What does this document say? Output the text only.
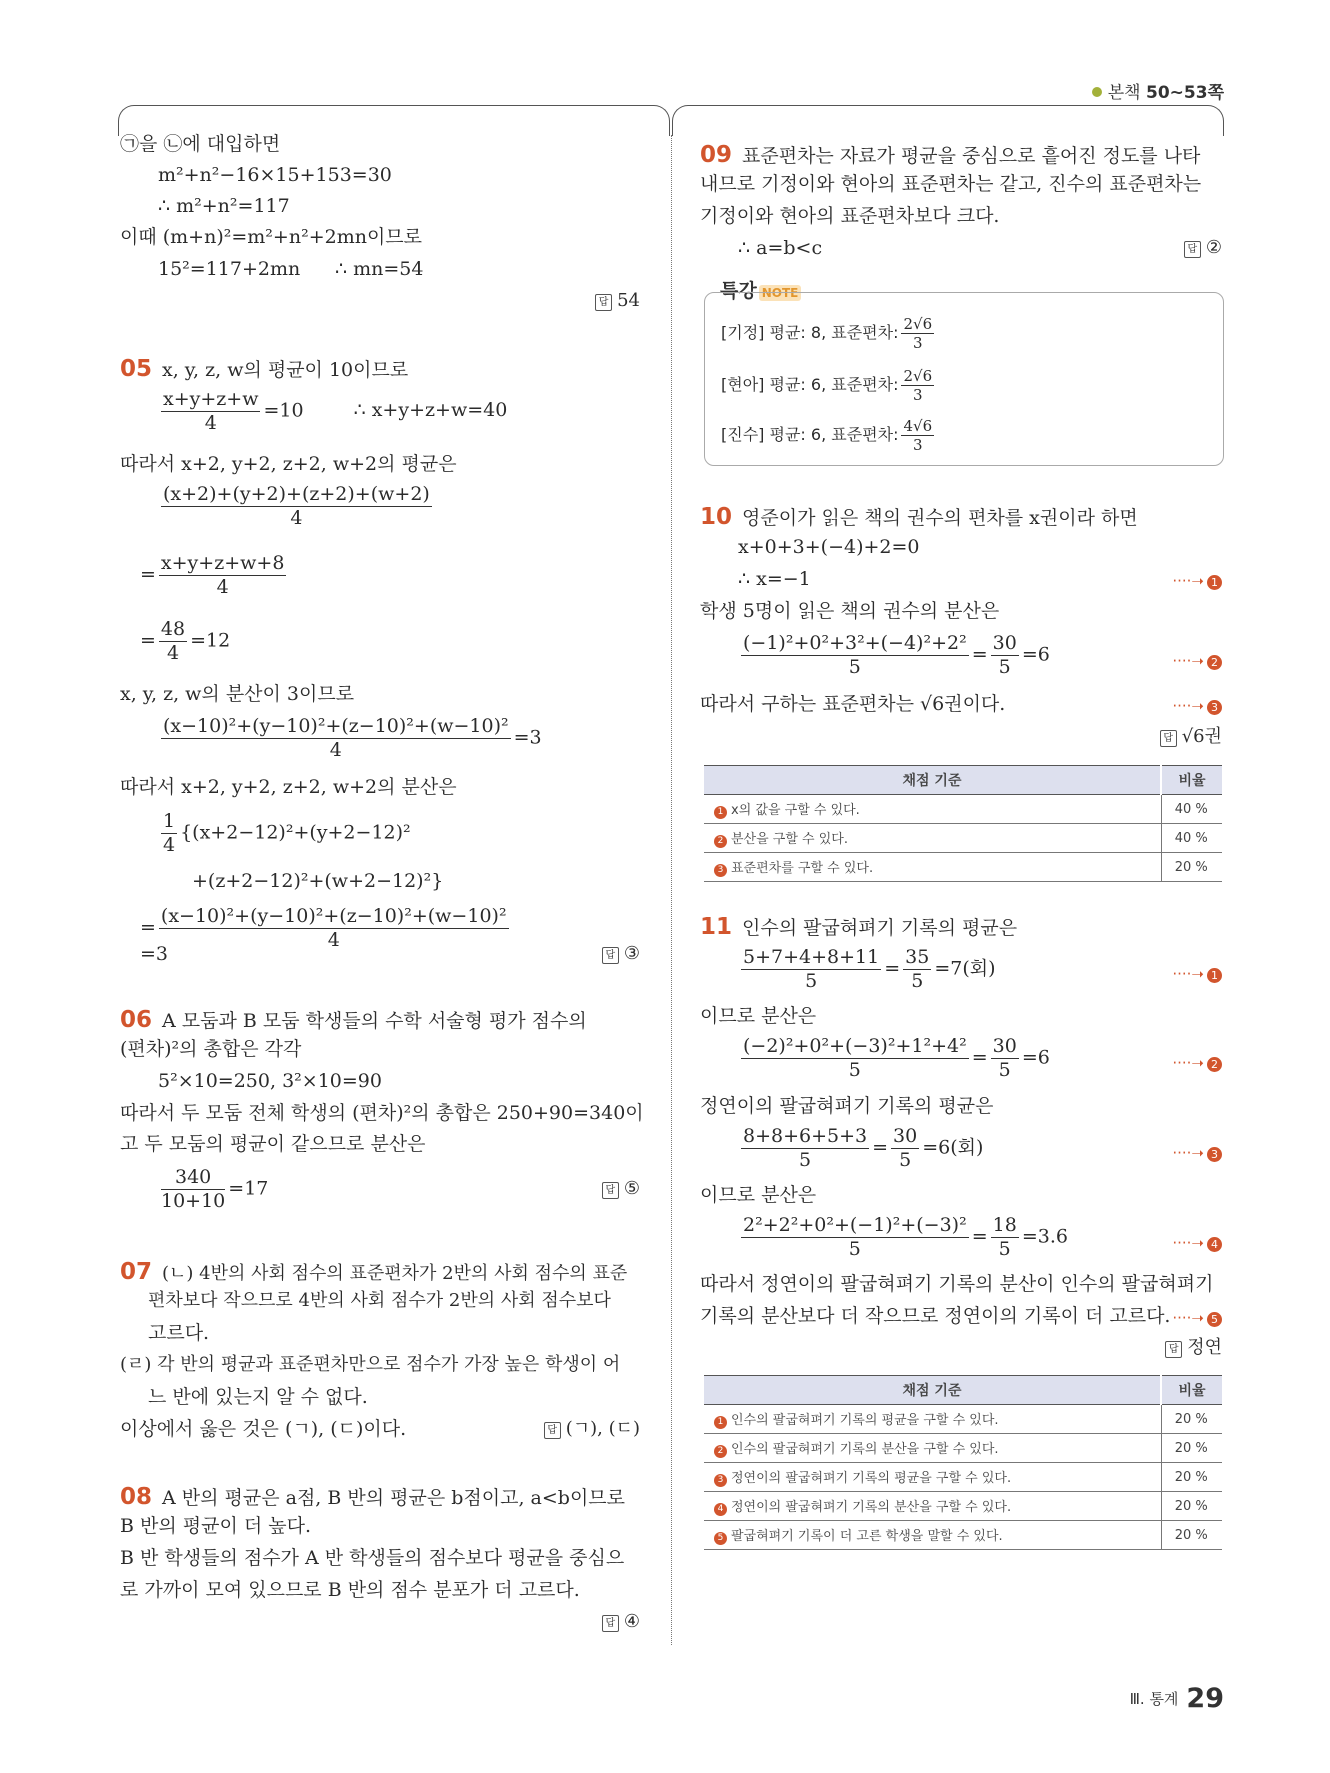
본책 50~53쪽
㉠을 ㉡에 대입하면
m²+n²−16×15+153=30
∴ m²+n²=117
이때 (m+n)²=m²+n²+2mn이므로
15²=117+2mn ∴ mn=54
답 54
05 x, y, z, w의 평균이 10이므로
$\frac{x+y+z+w}{4} =10$	∴ x+y+z+w=40
따라서 x+2, y+2, z+2, w+2의 평균은
$\frac{(x+2)+(y+2)+(z+2)+(w+2)}{4}$
= $\frac{x+y+z+w+8}{4}$
= $\frac{48}{4} =12$
x, y, z, w의 분산이 3이므로
$\frac{\text{(x−10)²+(y−10)²+(z−10)²+(w−10)²}}{4} =3$
따라서 x+2, y+2, z+2, w+2의 분산은
$\frac{1}{4} \{(x+2-12)^2+(y+2-12)^2$
+(z+2−12)²+(w+2−12)²}
= $\frac{\text{(x−10)²+(y−10)²+(z−10)²+(w−10)²}}{4}$
=3	답 ③
06 A 모둠과 B 모둠 학생들의 수학 서술형 평가 점수의
(편차)²의 총합은 각각
5²×10=250, 3²×10=90
따라서 두 모둠 전체 학생의 (편차)²의 총합은 250+90=340이
고 두 모둠의 평균이 같으므로 분산은
$\frac{340}{10+10} =17$	답 ⑤
07 (ㄴ) 4반의 사회 점수의 표준편차가 2반의 사회 점수의 표준
편차보다 작으므로 4반의 사회 점수가 2반의 사회 점수보다
고르다.
(ㄹ) 각 반의 평균과 표준편차만으로 점수가 가장 높은 학생이 어
느 반에 있는지 알 수 없다.
이상에서 옳은 것은 (ㄱ), (ㄷ)이다.	답 (ㄱ), (ㄷ)
08 A 반의 평균은 a점, B 반의 평균은 b점이고, a<b이므로
B 반의 평균이 더 높다.
B 반 학생들의 점수가 A 반 학생들의 점수보다 평균을 중심으
로 가까이 모여 있으므로 B 반의 점수 분포가 더 고르다.
답 ④
09 표준편차는 자료가 평균을 중심으로 흩어진 정도를 나타
내므로 기정이와 현아의 표준편차는 같고, 진수의 표준편차는
기정이와 현아의 표준편차보다 크다.
∴ a=b<c	답 ②
특강 NOTE
[기정] 평균: 8, 표준편차: $\frac{2√6}{3}$
[현아] 평균: 6, 표준편차: $\frac{2√6}{3}$
[진수] 평균: 6, 표준편차: $\frac{4√6}{3}$
10 영준이가 읽은 책의 권수의 편차를 x권이라 하면
x+0+3+(−4)+2=0
∴ x=−1	····➝ 1
학생 5명이 읽은 책의 권수의 분산은
$\frac{\text{(−1)²+0²+3²+(−4)²+2²}}{5} = \frac{30}{5} =6$	····➝ 2
따라서 구하는 표준편차는 √6권이다.	····➝ 3
답 √6권
채점 기준	비율
1 x의 값을 구할 수 있다.	40 %
2 분산을 구할 수 있다.	40 %
3 표준편차를 구할 수 있다.	20 %
11 인수의 팔굽혀펴기 기록의 평균은
$\frac{5+7+4+8+11}{5} = \frac{35}{5} =7$(회)	····➝ 1
이므로 분산은
$\frac{\text{(−2)²+0²+(−3)²+1²+4²}}{5} = \frac{30}{5} =6$	····➝ 2
정연이의 팔굽혀펴기 기록의 평균은
$\frac{8+8+6+5+3}{5} = \frac{30}{5} =6$(회)	····➝ 3
이므로 분산은
$\frac{\text{2²+2²+0²+(−1)²+(−3)²}}{5} = \frac{18}{5} =3.6$	····➝ 4
따라서 정연이의 팔굽혀펴기 기록의 분산이 인수의 팔굽혀펴기
기록의 분산보다 더 작으므로 정연이의 기록이 더 고르다. ····➝ 5
답 정연
채점 기준	비율
1 인수의 팔굽혀펴기 기록의 평균을 구할 수 있다.	20 %
2 인수의 팔굽혀펴기 기록의 분산을 구할 수 있다.	20 %
3 정연이의 팔굽혀펴기 기록의 평균을 구할 수 있다.	20 %
4 정연이의 팔굽혀펴기 기록의 분산을 구할 수 있다.	20 %
5 팔굽혀펴기 기록이 더 고른 학생을 말할 수 있다.	20 %
Ⅲ. 통계 29
